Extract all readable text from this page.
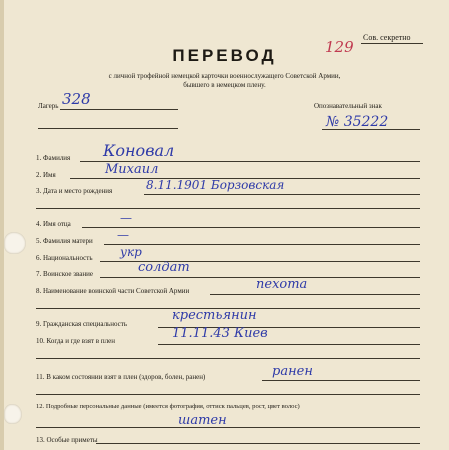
Сов. секретно
129
ПЕРЕВОД
с личной трофейной немецкой карточки военнослужащего Советской Армии,
бывшего в немецком плену.
Лагерь 328	Опознавательный знак
№ 35222
1. Фамилия Коновал
2. Имя	Михаил
3. Дата и место рождения	8.11.1901 Борзовская
4. Имя отца	—
5. Фамилия матери —
6. Национальность укр
7. Воинское звание	солдат
8. Наименование воинской части Советской Армии	пехота
9. Гражданская специальность
крестьянин
10. Когда и где взят в плен	11.11.43 Киев
11. В каком состоянии взят в плен (здоров, болен, ранен)	ранен
12. Подробные персональные данные (имеется фотография, оттиск пальцев, рост, цвет волос)
шатен
13. Особые приметы
